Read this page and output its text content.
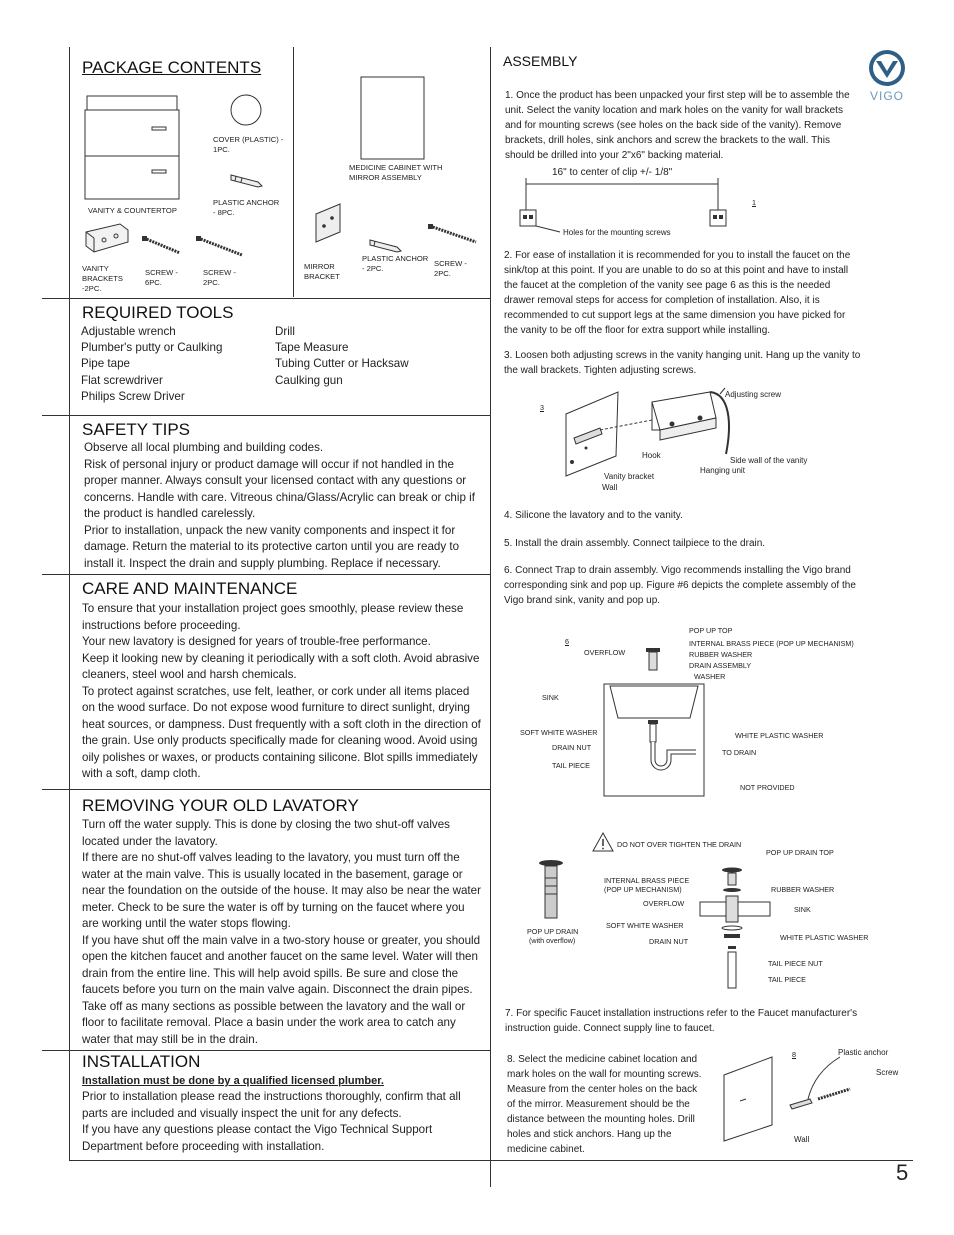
VIGO
PACKAGE CONTENTS
VANITY & COUNTERTOP
COVER (PLASTIC) -
1PC.
PLASTIC ANCHOR
- 8PC.
VANITY
BRACKETS
-2PC.
SCREW -
6PC.
SCREW -
2PC.
MEDICINE CABINET WITH
MIRROR ASSEMBLY
MIRROR
BRACKET
PLASTIC ANCHOR
- 2PC.
SCREW -
2PC.
REQUIRED TOOLS
Adjustable wrench
Plumber's putty or Caulking
Pipe tape
Flat screwdriver
Philips Screw Driver
Drill
Tape Measure
Tubing Cutter or Hacksaw
Caulking gun
SAFETY TIPS

Observe all local plumbing and building codes.
Risk of personal injury or product damage will occur if not handled in the proper manner. Always consult your licensed contact with any questions or concerns. Handle with care. Vitreous china/Glass/Acrylic can break or chip if the product is handled carelessly.
Prior to installation, unpack the new vanity components and inspect it for damage. Return the material to its protective carton until you are ready to install it. Inspect the drain and supply plumbing. Replace if necessary.

CARE AND MAINTENANCE

To ensure that your installation project goes smoothly, please review these instructions before proceeding.
Your new lavatory is designed for years of trouble-free performance.
Keep it looking new by cleaning it periodically with a soft cloth. Avoid abrasive cleaners, steel wool and harsh chemicals.
To protect against scratches, use felt, leather, or cork under all items placed on the wood surface. Do not expose wood furniture to direct sunlight, drying heat sources, or dampness. Dust frequently with a soft cloth in the direction of the grain. Use only products specifically made for cleaning wood. Avoid using oily polishes or waxes, or products containing silicone. Blot spills immediately with a soft, damp cloth.

REMOVING YOUR OLD LAVATORY

Turn off the water supply. This is done by closing the two shut-off valves located under the lavatory.
If there are no shut-off valves leading to the lavatory, you must turn off the water at the main valve. This is usually located in the basement, garage or near the foundation on the outside of the house. It may also be near the water meter. Check to be sure the water is off by turning on the faucet where you are working until the water stops flowing.
If you have shut off the main valve in a two-story house or greater, you should open the kitchen faucet and another faucet on the same level. Water will then drain from the entire line. This will help avoid spills. Be sure and close the faucets before you turn on the main valve again. Disconnect the drain pipes. Take off as many sections as possible between the lavatory and the wall or floor to facilitate removal. Place a basin under the work area to catch any water that may still be in the drain.

INSTALLATION

Installation must be done by a qualified licensed plumber.

Prior to installation please read the instructions thoroughly, confirm that all parts are included and visually inspect the unit for any defects.
If you have any questions please contact the Vigo Technical Support Department before proceeding with installation.

ASSEMBLY

1. Once the product has been unpacked your first step will be to assemble the unit. Select the vanity location and mark holes on the vanity for wall brackets and for mounting screws (see holes on the back side of the vanity). Remove brackets, drill holes, sink anchors and screw the brackets to the wall. This should be drilled into your 2"x6" backing material.

16" to center of clip +/- 1/8"
Holes for the mounting screws
1

2. For ease of installation it is recommended for you to install the faucet on the sink/top at this point. If you are unable to do so at this point and have to install the faucet at the completion of the vanity see page 6 as this is the needed drawer removal steps for access for completion of installation. Also, it is recommended to cut support legs at the same dimension you have picked for the vanity to be off the floor for extra support while installing.

3. Loosen both adjusting screws in the vanity hanging unit. Hang up the vanity to the wall brackets. Tighten adjusting screws.

3
Adjusting screw
Hook
Vanity bracket
Wall
Hanging unit
Side wall of the vanity

4. Silicone the lavatory and to the vanity.

5. Install the drain assembly. Connect tailpiece to the drain.

6. Connect Trap to drain assembly. Vigo recommends installing the Vigo brand corresponding sink and pop up. Figure #6 depicts the complete assembly of the Vigo brand sink, vanity and pop up.

6
POP UP TOP
INTERNAL BRASS PIECE (POP UP MECHANISM)
OVERFLOW	RUBBER WASHER
DRAIN ASSEMBLY
WASHER
SINK
SOFT WHITE WASHER	WHITE PLASTIC WASHER
DRAIN NUT
TO DRAIN
TAIL PIECE
NOT PROVIDED
DO NOT OVER TIGHTEN THE DRAIN
POP UP DRAIN
(with overflow)
POP UP DRAIN TOP
INTERNAL BRASS PIECE
(POP UP MECHANISM)	RUBBER WASHER
OVERFLOW
SINK
SOFT WHITE WASHER
DRAIN NUT	WHITE PLASTIC WASHER
TAIL PIECE NUT
TAIL PIECE

7. For specific Faucet installation instructions refer to the Faucet manufacturer's instruction guide. Connect supply line to faucet.

8. Select the medicine cabinet location and mark holes on the wall for mounting screws. Measure from the center holes on the back of the mirror. Measurement should be the distance between the mounting holes. Drill holes and stick anchors. Hang up the medicine cabinet.

8	Plastic anchor
Screw
Wall
5
